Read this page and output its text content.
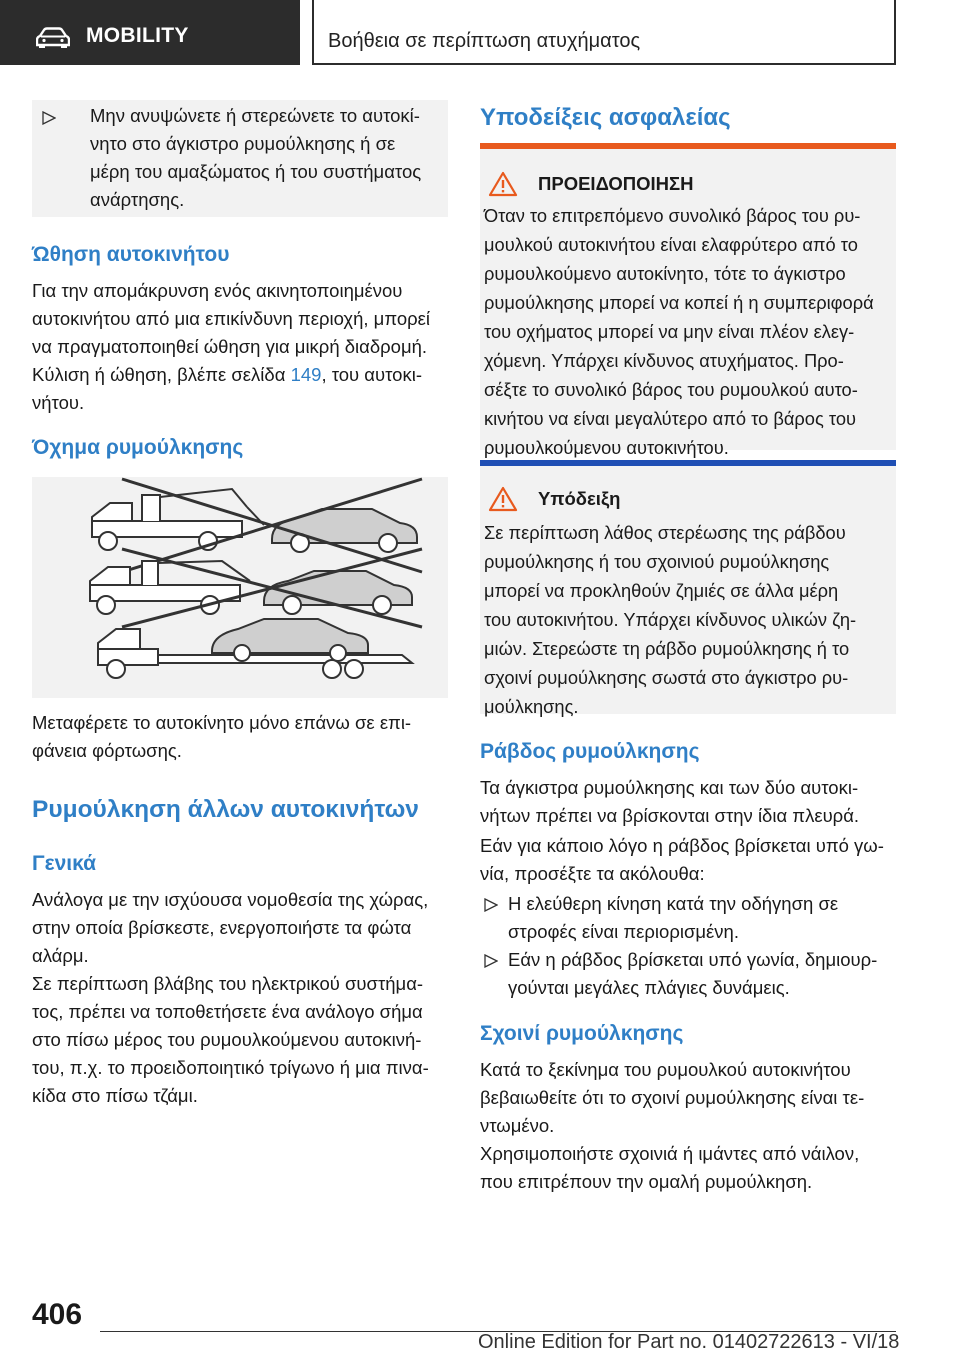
MOBILITY	Βοήθεια σε περίπτωση ατυχήματος
Μην ανυψώνετε ή στερεώνετε το αυτοκί-
νητο στο άγκιστρο ρυμούλκησης ή σε
μέρη του αμαξώματος ή του συστήματος
ανάρτησης.
Ώθηση αυτοκινήτου
Για την απομάκρυνση ενός ακινητοποιημένου
αυτοκινήτου από μια επικίνδυνη περιοχή, μπορεί
να πραγματοποιηθεί ώθηση για μικρή διαδρομή.
Κύλιση ή ώθηση, βλέπε σελίδα 149, του αυτοκι-
νήτου.
Όχημα ρυμούλκησης
Μεταφέρετε το αυτοκίνητο μόνο επάνω σε επι-
φάνεια φόρτωσης.
Ρυμούλκηση άλλων αυτοκινήτων
Γενικά
Ανάλογα με την ισχύουσα νομοθεσία της χώρας,
στην οποία βρίσκεστε, ενεργοποιήστε τα φώτα
αλάρμ.
Σε περίπτωση βλάβης του ηλεκτρικού συστήμα-
τος, πρέπει να τοποθετήσετε ένα ανάλογο σήμα
στο πίσω μέρος του ρυμουλκούμενου αυτοκινή-
του, π.χ. το προειδοποιητικό τρίγωνο ή μια πινα-
κίδα στο πίσω τζάμι.
Υποδείξεις ασφαλείας
ΠΡΟΕΙΔΟΠΟΙΗΣΗ
Όταν το επιτρεπόμενο συνολικό βάρος του ρυ-
μουλκού αυτοκινήτου είναι ελαφρύτερο από το
ρυμουλκούμενο αυτοκίνητο, τότε το άγκιστρο
ρυμούλκησης μπορεί να κοπεί ή η συμπεριφορά
του οχήματος μπορεί να μην είναι πλέον ελεγ-
χόμενη. Υπάρχει κίνδυνος ατυχήματος. Προ-
σέξτε το συνολικό βάρος του ρυμουλκού αυτο-
κινήτου να είναι μεγαλύτερο από το βάρος του
ρυμουλκούμενου αυτοκινήτου.
Υπόδειξη
Σε περίπτωση λάθος στερέωσης της ράβδου
ρυμούλκησης ή του σχοινιού ρυμούλκησης
μπορεί να προκληθούν ζημιές σε άλλα μέρη
του αυτοκινήτου. Υπάρχει κίνδυνος υλικών ζη-
μιών. Στερεώστε τη ράβδο ρυμούλκησης ή το
σχοινί ρυμούλκησης σωστά στο άγκιστρο ρυ-
μούλκησης.
Ράβδος ρυμούλκησης
Τα άγκιστρα ρυμούλκησης και των δύο αυτοκι-
νήτων πρέπει να βρίσκονται στην ίδια πλευρά.
Εάν για κάποιο λόγο η ράβδος βρίσκεται υπό γω-
νία, προσέξτε τα ακόλουθα:
Η ελεύθερη κίνηση κατά την οδήγηση σε
στροφές είναι περιορισμένη.
Εάν η ράβδος βρίσκεται υπό γωνία, δημιουρ-
γούνται μεγάλες πλάγιες δυνάμεις.
Σχοινί ρυμούλκησης
Κατά το ξεκίνημα του ρυμουλκού αυτοκινήτου
βεβαιωθείτε ότι το σχοινί ρυμούλκησης είναι τε-
ντωμένο.
Χρησιμοποιήστε σχοινιά ή ιμάντες από νάιλον,
που επιτρέπουν την ομαλή ρυμούλκηση.
406
Online Edition for Part no. 01402722613 - VI/18
